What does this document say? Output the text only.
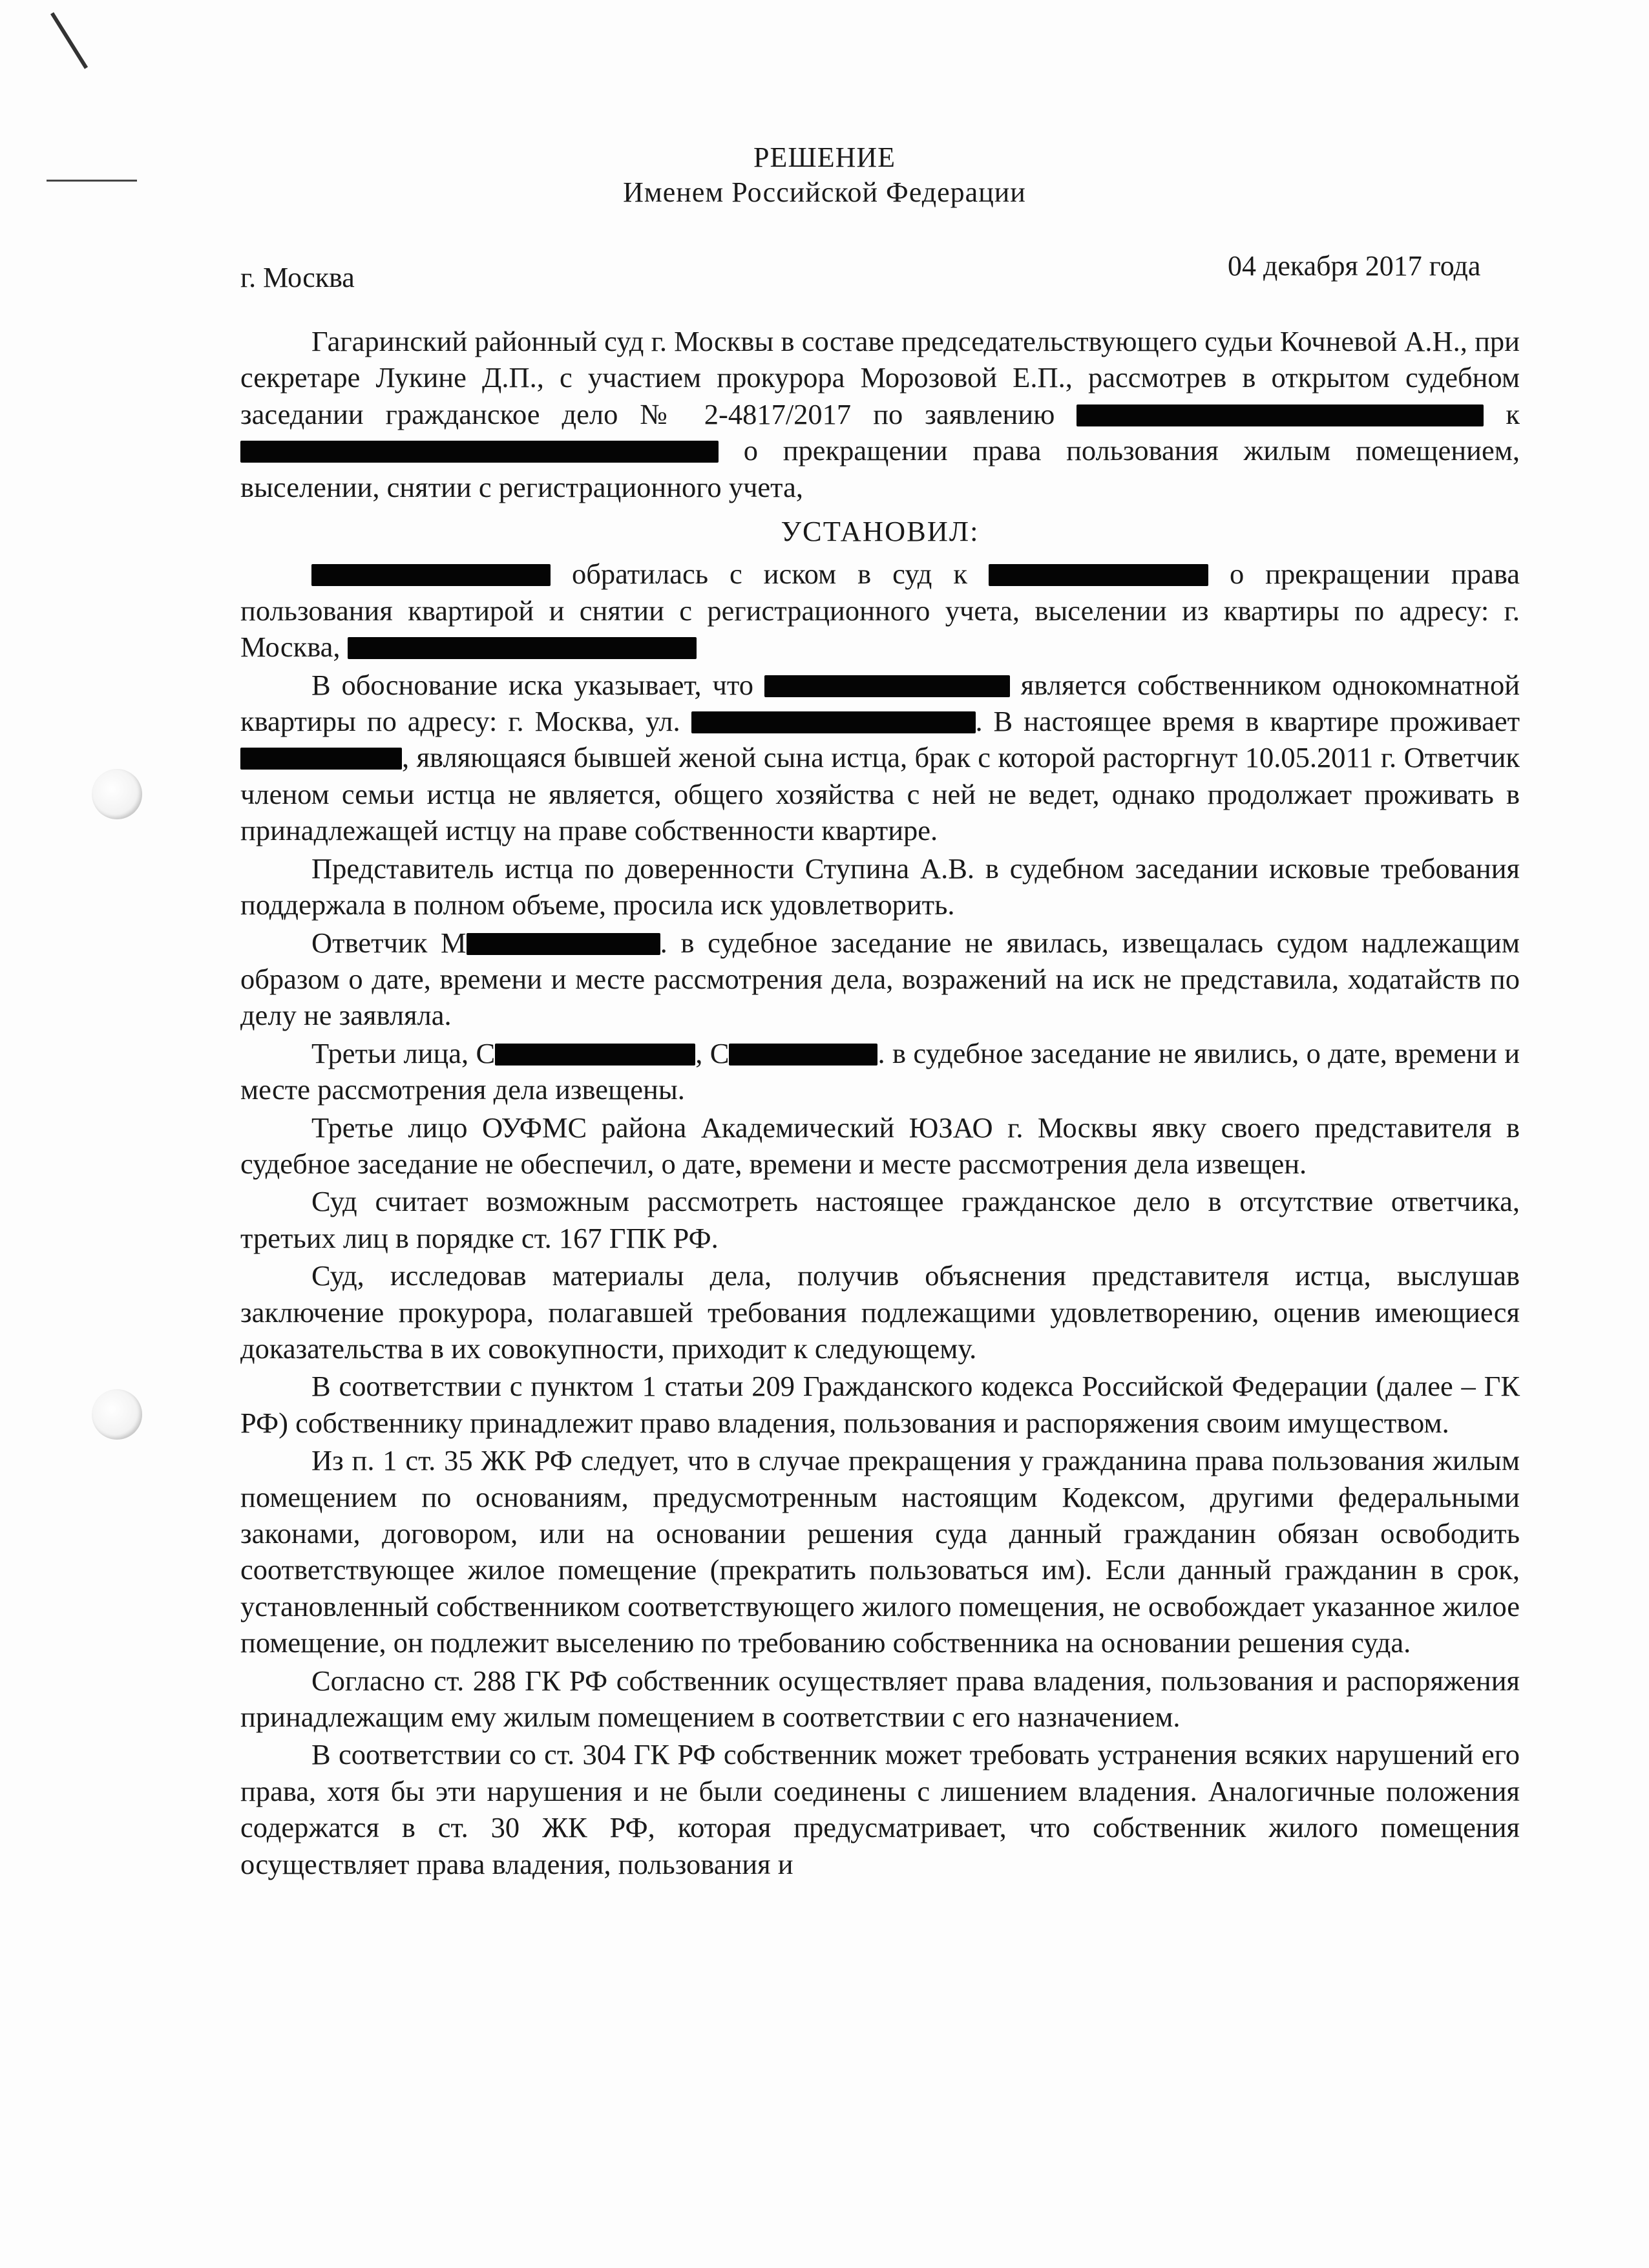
РЕШЕНИЕ
Именем Российской Федерации
г. Москва	04 декабря 2017 года

Гагаринский районный суд г. Москвы в составе председательствующего судьи Кочневой А.Н., при секретаре Лукине Д.П., с участием прокурора Морозовой Е.П., рассмотрев в открытом судебном заседании гражданское дело № 2-4817/2017 по заявлению	к  о прекращении права пользования жилым помещением, выселении, снятии с регистрационного учета,

УСТАНОВИЛ:

обратилась с иском в суд к	о прекращении права пользования квартирой и снятии с регистрационного учета, выселении из квартиры по адресу: г. Москва,

В обоснование иска указывает, что	является собственником однокомнатной квартиры по адресу: г. Москва, ул.	. В настоящее время в квартире проживает , являющаяся бывшей женой сына истца, брак с которой расторгнут 10.05.2011 г. Ответчик членом семьи истца не является, общего хозяйства с ней не ведет, однако продолжает проживать в принадлежащей истцу на праве собственности квартире.

Представитель истца по доверенности Ступина А.В. в судебном заседании исковые требования поддержала в полном объеме, просила иск удовлетворить.

Ответчик М	. в судебное заседание не явилась, извещалась судом надлежащим образом о дате, времени и месте рассмотрения дела, возражений на иск не представила, ходатайств по делу не заявляла.

Третьи лица, С	, С	. в судебное заседание не явились, о дате, времени и месте рассмотрения дела извещены.

Третье лицо ОУФМС района Академический ЮЗАО г. Москвы явку своего представителя в судебное заседание не обеспечил, о дате, времени и месте рассмотрения дела извещен.

Суд считает возможным рассмотреть настоящее гражданское дело в отсутствие ответчика, третьих лиц в порядке ст. 167 ГПК РФ.

Суд, исследовав материалы дела, получив объяснения представителя истца, выслушав заключение прокурора, полагавшей требования подлежащими удовлетворению, оценив имеющиеся доказательства в их совокупности, приходит к следующему.

В соответствии с пунктом 1 статьи 209 Гражданского кодекса Российской Федерации (далее – ГК РФ) собственнику принадлежит право владения, пользования и распоряжения своим имуществом.

Из п. 1 ст. 35 ЖК РФ следует, что в случае прекращения у гражданина права пользования жилым помещением по основаниям, предусмотренным настоящим Кодексом, другими федеральными законами, договором, или на основании решения суда данный гражданин обязан освободить соответствующее жилое помещение (прекратить пользоваться им). Если данный гражданин в срок, установленный собственником соответствующего жилого помещения, не освобождает указанное жилое помещение, он подлежит выселению по требованию собственника на основании решения суда.

Согласно ст. 288 ГК РФ собственник осуществляет права владения, пользования и распоряжения принадлежащим ему жилым помещением в соответствии с его назначением.

В соответствии со ст. 304 ГК РФ собственник может требовать устранения всяких нарушений его права, хотя бы эти нарушения и не были соединены с лишением владения. Аналогичные положения содержатся в ст. 30 ЖК РФ, которая предусматривает, что собственник жилого помещения осуществляет права владения, пользования и
